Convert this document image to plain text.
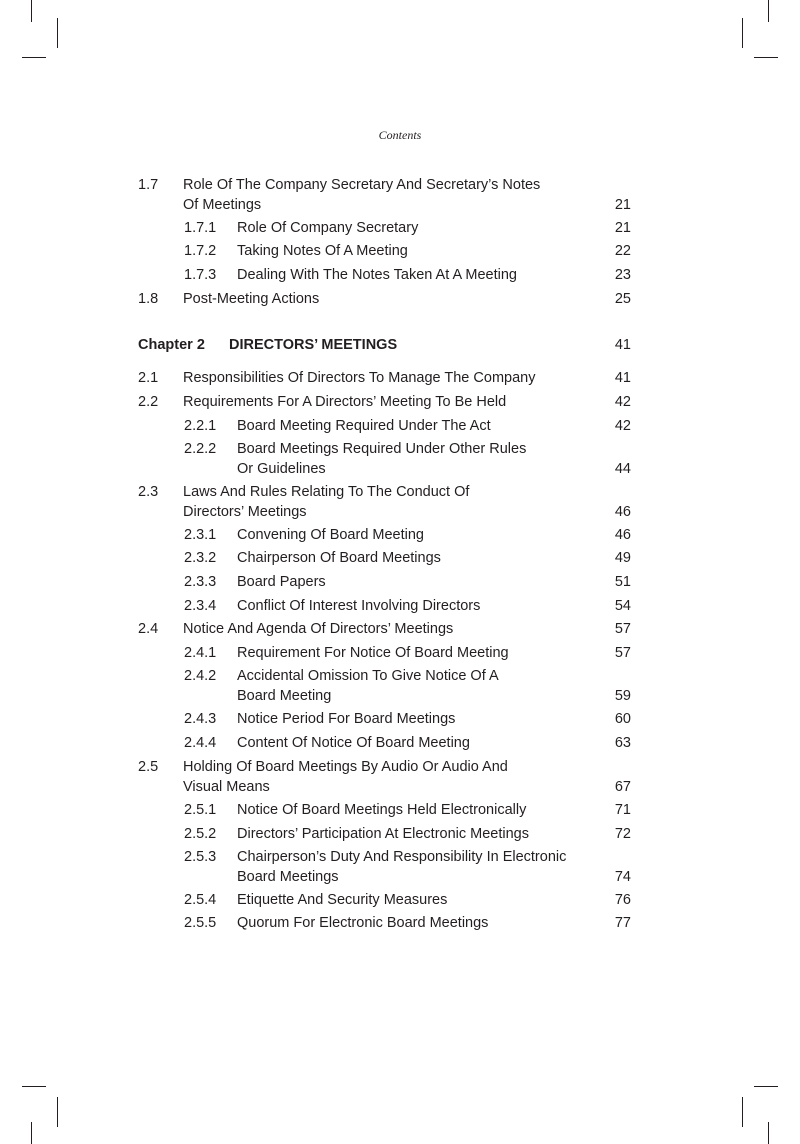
Contents
1.7 Role Of The Company Secretary And Secretary’s Notes
Of Meetings	21
1.7.1 Role Of Company Secretary	21
1.7.2 Taking Notes Of A Meeting	22
1.7.3 Dealing With The Notes Taken At A Meeting	23
1.8 Post-Meeting Actions	25
Chapter 2 DIRECTORS’ MEETINGS	41
2.1 Responsibilities Of Directors To Manage The Company	41
2.2 Requirements For A Directors’ Meeting To Be Held	42
2.2.1 Board Meeting Required Under The Act	42
2.2.2 Board Meetings Required Under Other Rules
Or Guidelines	44
2.3 Laws And Rules Relating To The Conduct Of
Directors’ Meetings	46
2.3.1 Convening Of Board Meeting	46
2.3.2 Chairperson Of Board Meetings	49
2.3.3 Board Papers	51
2.3.4 Conflict Of Interest Involving Directors	54
2.4 Notice And Agenda Of Directors’ Meetings	57
2.4.1 Requirement For Notice Of Board Meeting	57
2.4.2 Accidental Omission To Give Notice Of A
Board Meeting	59
2.4.3 Notice Period For Board Meetings	60
2.4.4 Content Of Notice Of Board Meeting	63
2.5 Holding Of Board Meetings By Audio Or Audio And
Visual Means	67
2.5.1 Notice Of Board Meetings Held Electronically	71
2.5.2 Directors’ Participation At Electronic Meetings	72
2.5.3 Chairperson’s Duty And Responsibility In Electronic
Board Meetings	74
2.5.4 Etiquette And Security Measures	76
2.5.5 Quorum For Electronic Board Meetings	77
